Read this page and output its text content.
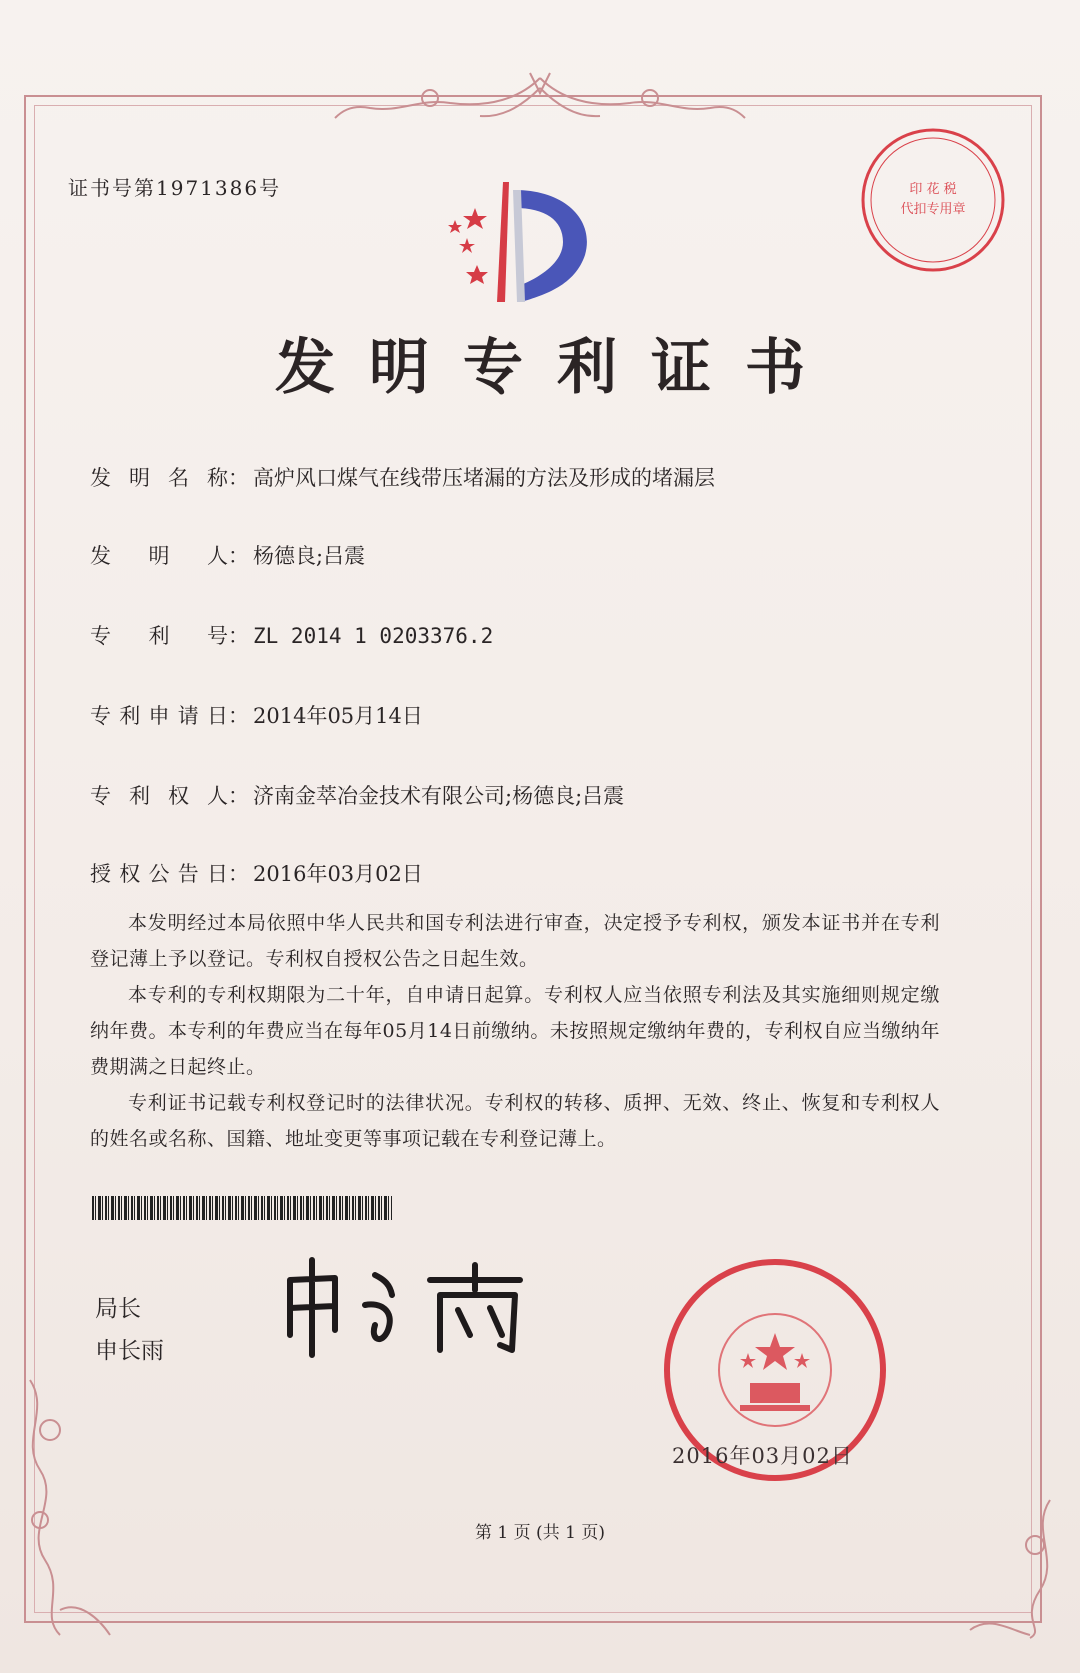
证书号第1971386号	印 花 税
代扣专用章
发明专利证书
发明名称 ： 高炉风口煤气在线带压堵漏的方法及形成的堵漏层
发明人 ： 杨德良;吕震
专利号 ： ZL 2014 1 0203376.2
专利申请日 ： 2014年05月14日
专利权人 ： 济南金萃冶金技术有限公司;杨德良;吕震
授权公告日 ： 2016年03月02日

本发明经过本局依照中华人民共和国专利法进行审查，决定授予专利权，颁发本证书并在专利登记薄上予以登记。专利权自授权公告之日起生效。

本专利的专利权期限为二十年，自申请日起算。专利权人应当依照专利法及其实施细则规定缴纳年费。本专利的年费应当在每年05月14日前缴纳。未按照规定缴纳年费的，专利权自应当缴纳年费期满之日起终止。

专利证书记载专利权登记时的法律状况。专利权的转移、质押、无效、终止、恢复和专利权人的姓名或名称、国籍、地址变更等事项记载在专利登记薄上。

局长
申长雨
2016年03月02日
第 1 页 (共 1 页)
